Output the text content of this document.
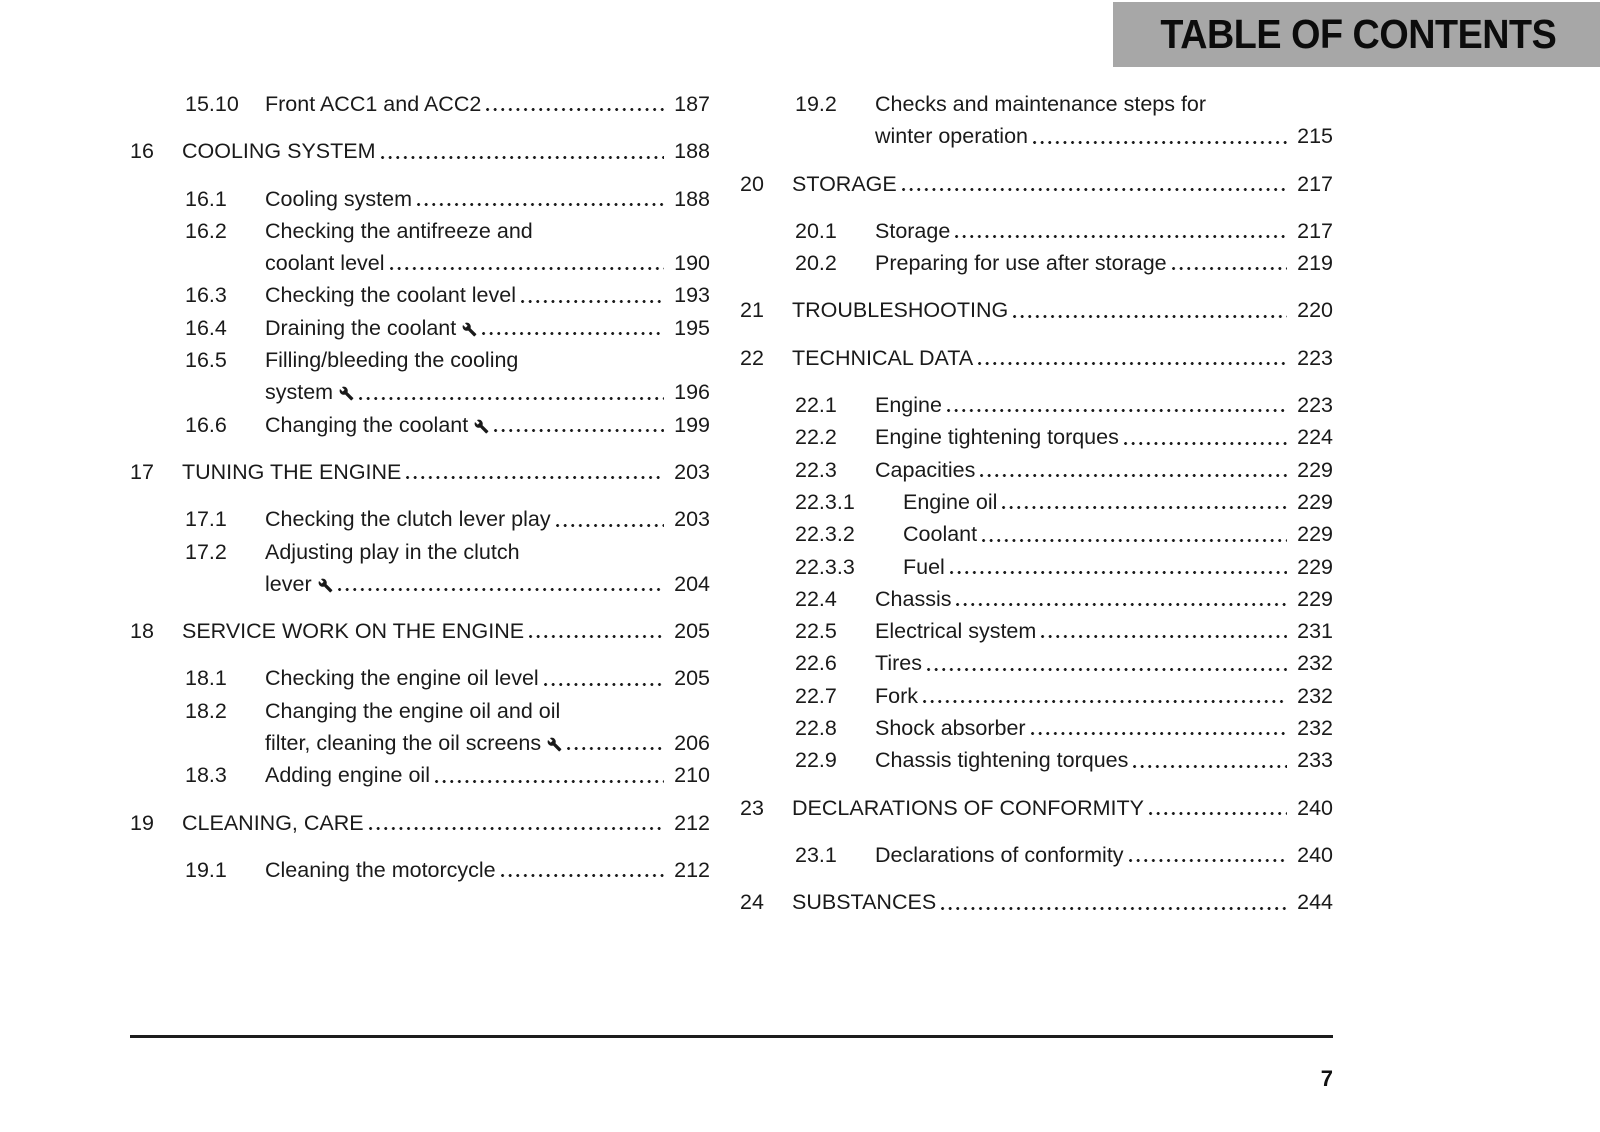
TABLE OF CONTENTS
15.10	Front ACC1 and ACC2	187
16	COOLING SYSTEM	188
16.1	Cooling system	188
16.2	Checking the antifreeze and
coolant level	190
16.3	Checking the coolant level	193
16.4	Draining the coolant	195
16.5	Filling/bleeding the cooling
system	196
16.6	Changing the coolant	199
17	TUNING THE ENGINE	203
17.1	Checking the clutch lever play	203
17.2	Adjusting play in the clutch
lever	204
18	SERVICE WORK ON THE ENGINE	205
18.1	Checking the engine oil level	205
18.2	Changing the engine oil and oil
filter, cleaning the oil screens	206
18.3	Adding engine oil	210
19	CLEANING, CARE	212
19.1	Cleaning the motorcycle	212
19.2	Checks and maintenance steps for
winter operation	215
20	STORAGE	217
20.1	Storage	217
20.2	Preparing for use after storage	219
21	TROUBLESHOOTING	220
22	TECHNICAL DATA	223
22.1	Engine	223
22.2	Engine tightening torques	224
22.3	Capacities	229
22.3.1	Engine oil	229
22.3.2	Coolant	229
22.3.3	Fuel	229
22.4	Chassis	229
22.5	Electrical system	231
22.6	Tires	232
22.7	Fork	232
22.8	Shock absorber	232
22.9	Chassis tightening torques	233
23	DECLARATIONS OF CONFORMITY	240
23.1	Declarations of conformity	240
24	SUBSTANCES	244
7
